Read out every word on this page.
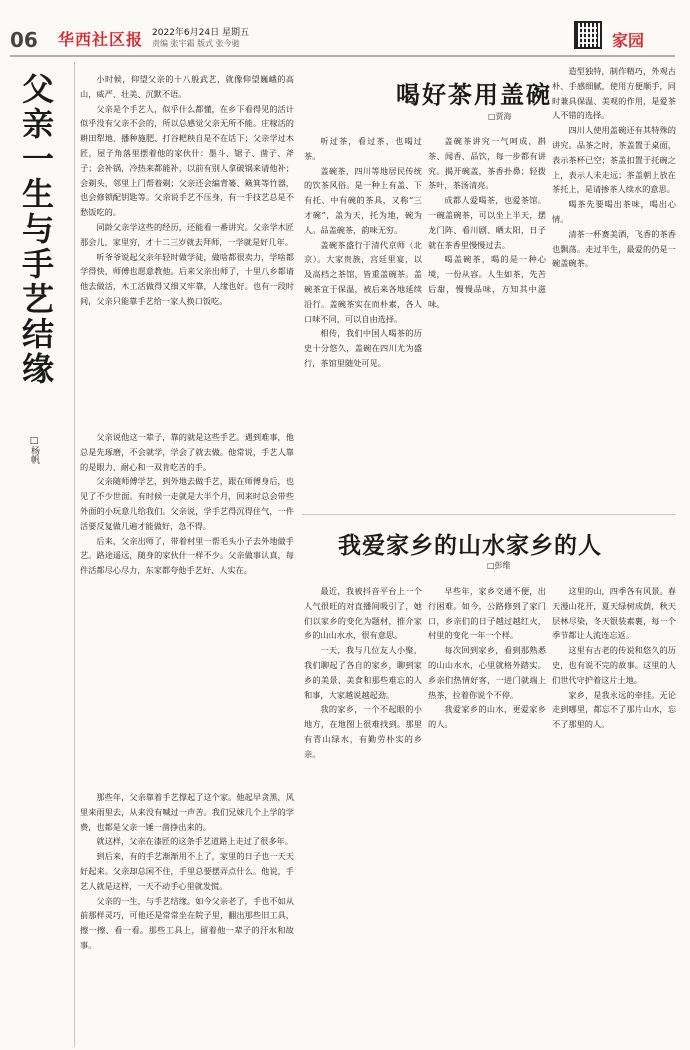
06 华西社区报 2022年6月24日 星期五
责编 张宇霜 版式 张今驰	家园
父亲一生与手艺结缘
□杨帆

小时候，仰望父亲的十八般武艺，就像仰望巍峨的高山，威严、壮美、沉默不语。

父亲是个手艺人，似乎什么都懂，在乡下看得见的活计似乎没有父亲不会的，所以总感觉父亲无所不能。庄稼活的耕田犁地、播种施肥、打谷耙秧自是不在话下；父亲学过木匠，屋子角落里摆着他的家伙什：墨斗、锯子、凿子、斧子；会补锅，冷热来都能补，以前有别人拿破锅来请他补；会剃头，邻里上门帮着剃；父亲还会编背篓、簸箕等竹器，也会修锁配钥匙等。父亲说手艺不压身，有一手技艺总是不愁饭吃的。

同龄父亲学这些的经历，还能看一番讲究。父亲学木匠那会儿，家里穷，才十二三岁就去拜师，一学就是好几年。

听爷爷说起父亲年轻时做学徒，做啥都很卖力，学啥都学得快，师傅也愿意教他。后来父亲出师了，十里八乡都请他去做活，木工活做得又细又牢靠，人缘也好。也有一段时间，父亲只能靠手艺给一家人换口饭吃。

父亲说他这一辈子，靠的就是这些手艺。遇到难事，他总是先琢磨，不会就学，学会了就去做。他常说，手艺人靠的是眼力、耐心和一双肯吃苦的手。

父亲随师傅学艺，到外地去做手艺，跟在师傅身后，也见了不少世面。有时候一走就是大半个月，回来时总会带些外面的小玩意儿给我们。父亲说，学手艺得沉得住气，一件活要反复做几遍才能做好，急不得。

后来，父亲出师了，带着村里一帮毛头小子去外地做手艺。路途遥远，随身的家伙什一样不少。父亲做事认真，每件活都尽心尽力，东家都夸他手艺好、人实在。

那些年，父亲靠着手艺撑起了这个家。他起早贪黑，风里来雨里去，从来没有喊过一声苦。我们兄妹几个上学的学费，也都是父亲一锤一凿挣出来的。

就这样，父亲在漆匠的这条手艺道路上走过了很多年。

到后来，有的手艺渐渐用不上了，家里的日子也一天天好起来。父亲却总闲不住，手里总要摆弄点什么。他说，手艺人就是这样，一天不动手心里就发慌。

父亲的一生，与手艺结缘。如今父亲老了，手也不如从前那样灵巧，可他还是常常坐在院子里，翻出那些旧工具，擦一擦、看一看。那些工具上，留着他一辈子的汗水和故事。

喝好茶用盖碗
□贾海

听过茶，看过茶，也喝过茶。

盖碗茶，四川等地居民传统的饮茶风俗。是一种上有盖、下有托、中有碗的茶具，又称“三才碗”，盖为天，托为地，碗为人。品盖碗茶，韵味无穷。

盖碗茶盛行于清代京师（北京）。大家贵族，宫廷里宴，以及高档之茶馆，皆重盖碗茶。盖碗茶宜于保温，被后来各地延续沿行。盖碗茶实在而朴素，各人口味不同，可以自由选择。

相传，我们中国人喝茶的历史十分悠久，盖碗在四川尤为盛行，茶馆里随处可见。

盖碗茶讲究一气呵成，斟茶、闻香、品饮，每一步都有讲究。揭开碗盖，茶香扑鼻；轻拨茶叶，茶汤清亮。

成都人爱喝茶，也爱茶馆。一碗盖碗茶，可以坐上半天，摆龙门阵、看川剧、晒太阳，日子就在茶香里慢慢过去。

喝盖碗茶，喝的是一种心境，一份从容。人生如茶，先苦后甜，慢慢品味，方知其中滋味。

造型独特，制作精巧，外观古朴、手感细腻，使用方便顺手，同时兼具保温、美观的作用，是爱茶人不错的选择。

四川人使用盖碗还有其特殊的讲究。品茶之时，茶盖置于桌面，表示茶杯已空；茶盖扣置于托碗之上，表示人未走远；茶盖朝上放在茶托上，是请掺茶人续水的意思。

喝茶先要喝出茶味，喝出心情。

清茶一杯赛美酒，飞香的茶香也飘荡。走过半生，最爱的仍是一碗盖碗茶。

我爱家乡的山水家乡的人
□彭维

最近，我被抖音平台上一个人气很旺的对直播间吸引了，她们以家乡的变化为题材，推介家乡的山山水水，很有意思。

一天，我与几位友人小聚，我们聊起了各自的家乡，聊到家乡的美景、美食和那些难忘的人和事，大家越说越起劲。

我的家乡，一个不起眼的小地方，在地图上很难找到。那里有青山绿水，有勤劳朴实的乡亲。

早些年，家乡交通不便，出行困难。如今，公路修到了家门口，乡亲们的日子越过越红火，村里的变化一年一个样。

每次回到家乡，看到那熟悉的山山水水，心里就格外踏实。乡亲们热情好客，一进门就端上热茶，拉着你说个不停。

我爱家乡的山水，更爱家乡的人。

这里的山，四季各有风景。春天漫山花开，夏天绿树成荫，秋天层林尽染，冬天银装素裹，每一个季节都让人流连忘返。

这里有古老的传说和悠久的历史，也有说不完的故事。这里的人们世代守护着这片土地。

家乡，是我永远的牵挂。无论走到哪里，都忘不了那片山水，忘不了那里的人。
